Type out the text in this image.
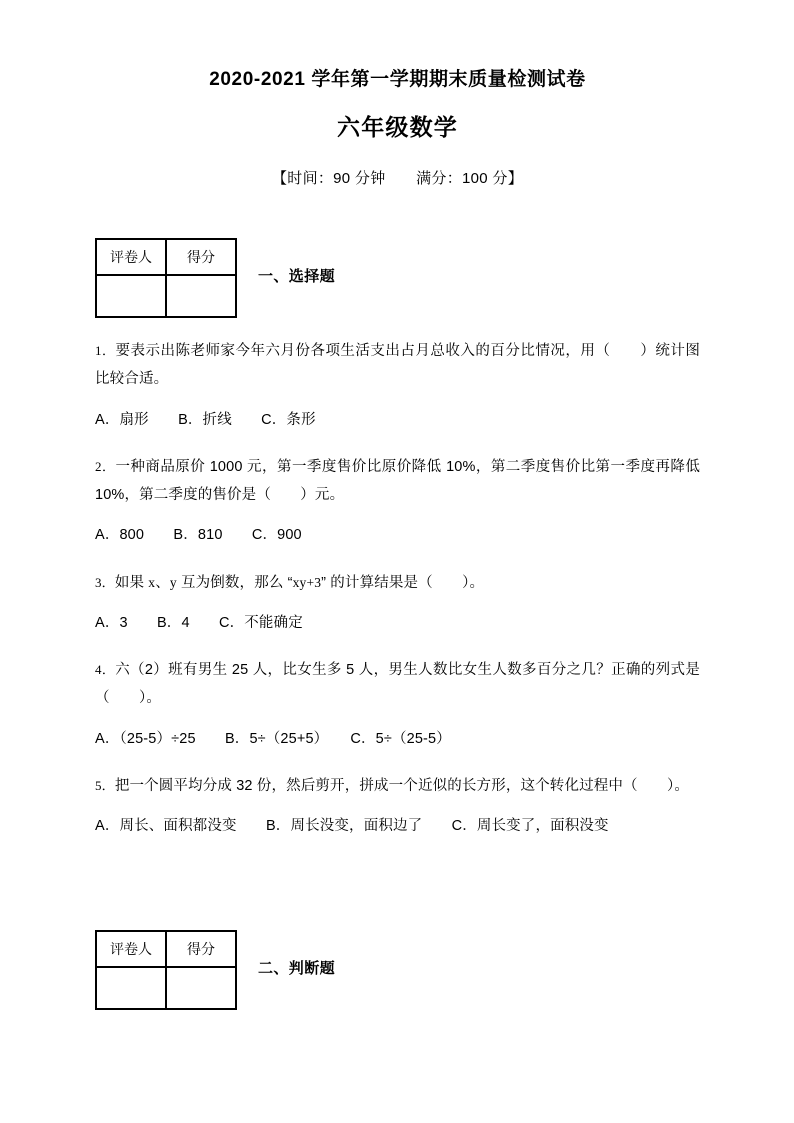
2020-2021 学年第一学期期末质量检测试卷
六年级数学

【时间：90 分钟　　满分：100 分】

评卷人	得分

一、选择题

1．要表示出陈老师家今年六月份各项生活支出占月总收入的百分比情况，用（　　）统计图比较合适。

A．扇形　　B．折线　　C．条形

2．一种商品原价 1000 元，第一季度售价比原价降低 10%，第二季度售价比第一季度再降低 10%，第二季度的售价是（　　）元。

A．800　　B．810　　C．900

3．如果 x、y 互为倒数，那么 “xy+3” 的计算结果是（　　）。

A．3　　B．4　　C．不能确定

4．六（2）班有男生 25 人，比女生多 5 人，男生人数比女生人数多百分之几？正确的列式是（　　）。

A．（25-5）÷25　　B．5÷（25+5）　　C．5÷（25-5）

5．把一个圆平均分成 32 份，然后剪开，拼成一个近似的长方形，这个转化过程中（　　）。

A．周长、面积都没变　　B．周长没变，面积边了　　C．周长变了，面积没变

评卷人	得分

二、判断题
